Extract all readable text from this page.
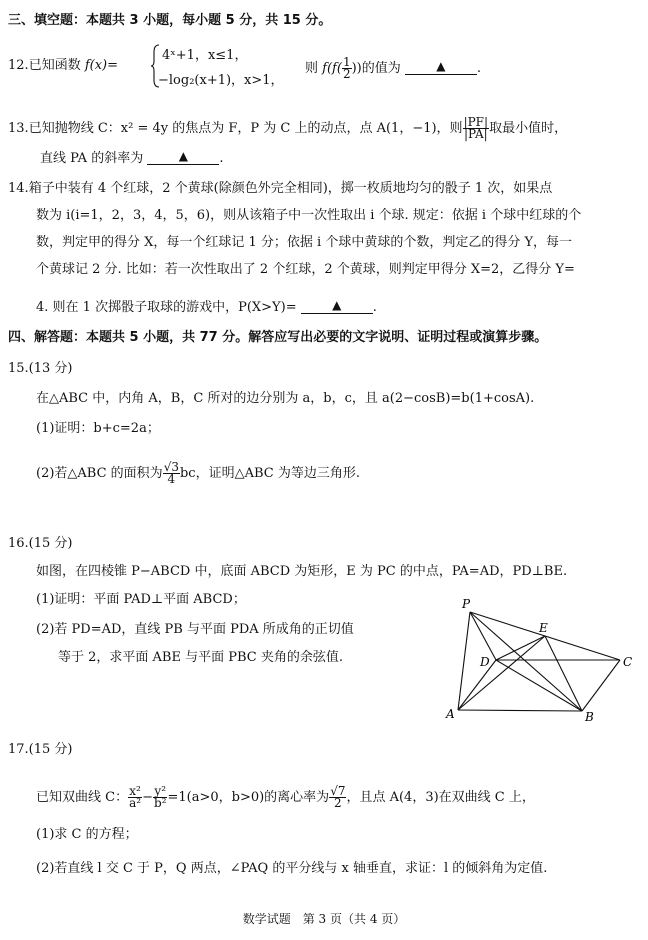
三、填空题：本题共 3 小题，每小题 5 分，共 15 分。
12.已知函数 f(x)=
4ˣ+1，x≤1，
−log₂(x+1)，x>1，
则 $f(f( \frac{1}{2}$ ))的值为	▲ .
13.已知抛物线 C：x² = 4y 的焦点为 F，P 为 C 上的动点，点 A(1，−1)，则 $\frac{|PF|}{|PA|}$ 取最小值时，
直线 PA 的斜率为	▲ .
14.箱子中装有 4 个红球，2 个黄球(除颜色外完全相同)，掷一枚质地均匀的骰子 1 次，如果点
数为 i(i=1，2，3，4，5，6)，则从该箱子中一次性取出 i 个球. 规定：依据 i 个球中红球的个
数，判定甲的得分 X，每一个红球记 1 分；依据 i 个球中黄球的个数，判定乙的得分 Y，每一
个黄球记 2 分. 比如：若一次性取出了 2 个红球，2 个黄球，则判定甲得分 X=2，乙得分 Y=
4. 则在 1 次掷骰子取球的游戏中，P(X>Y)=	▲ .
四、解答题：本题共 5 小题，共 77 分。解答应写出必要的文字说明、证明过程或演算步骤。
15.(13 分)
在△ABC 中，内角 A，B，C 所对的边分别为 a，b，c，且 a(2−cosB)=b(1+cosA).
(1)证明：b+c=2a；
(2)若△ABC 的面积为 $\frac{√3}{4}$ bc，证明△ABC 为等边三角形.
16.(15 分)
如图，在四棱锥 P−ABCD 中，底面 ABCD 为矩形，E 为 PC 的中点，PA=AD，PD⊥BE.
(1)证明：平面 PAD⊥平面 ABCD；
(2)若 PD=AD，直线 PB 与平面 PDA 所成角的正切值
等于 2，求平面 ABE 与平面 PBC 夹角的余弦值.
P
E
D	C
A	B
17.(15 分)
已知双曲线 C： $\frac{\text{x²}}{\text{a²}} - \frac{\text{y²}}{\text{b²}} =1(a>0$，b>0)的离心率为 $\frac{√7}{2}$ ，且点 A(4，3)在双曲线 C 上，
(1)求 C 的方程；
(2)若直线 l 交 C 于 P，Q 两点，∠PAQ 的平分线与 x 轴垂直，求证：l 的倾斜角为定值.
数学试题　第 3 页（共 4 页）
